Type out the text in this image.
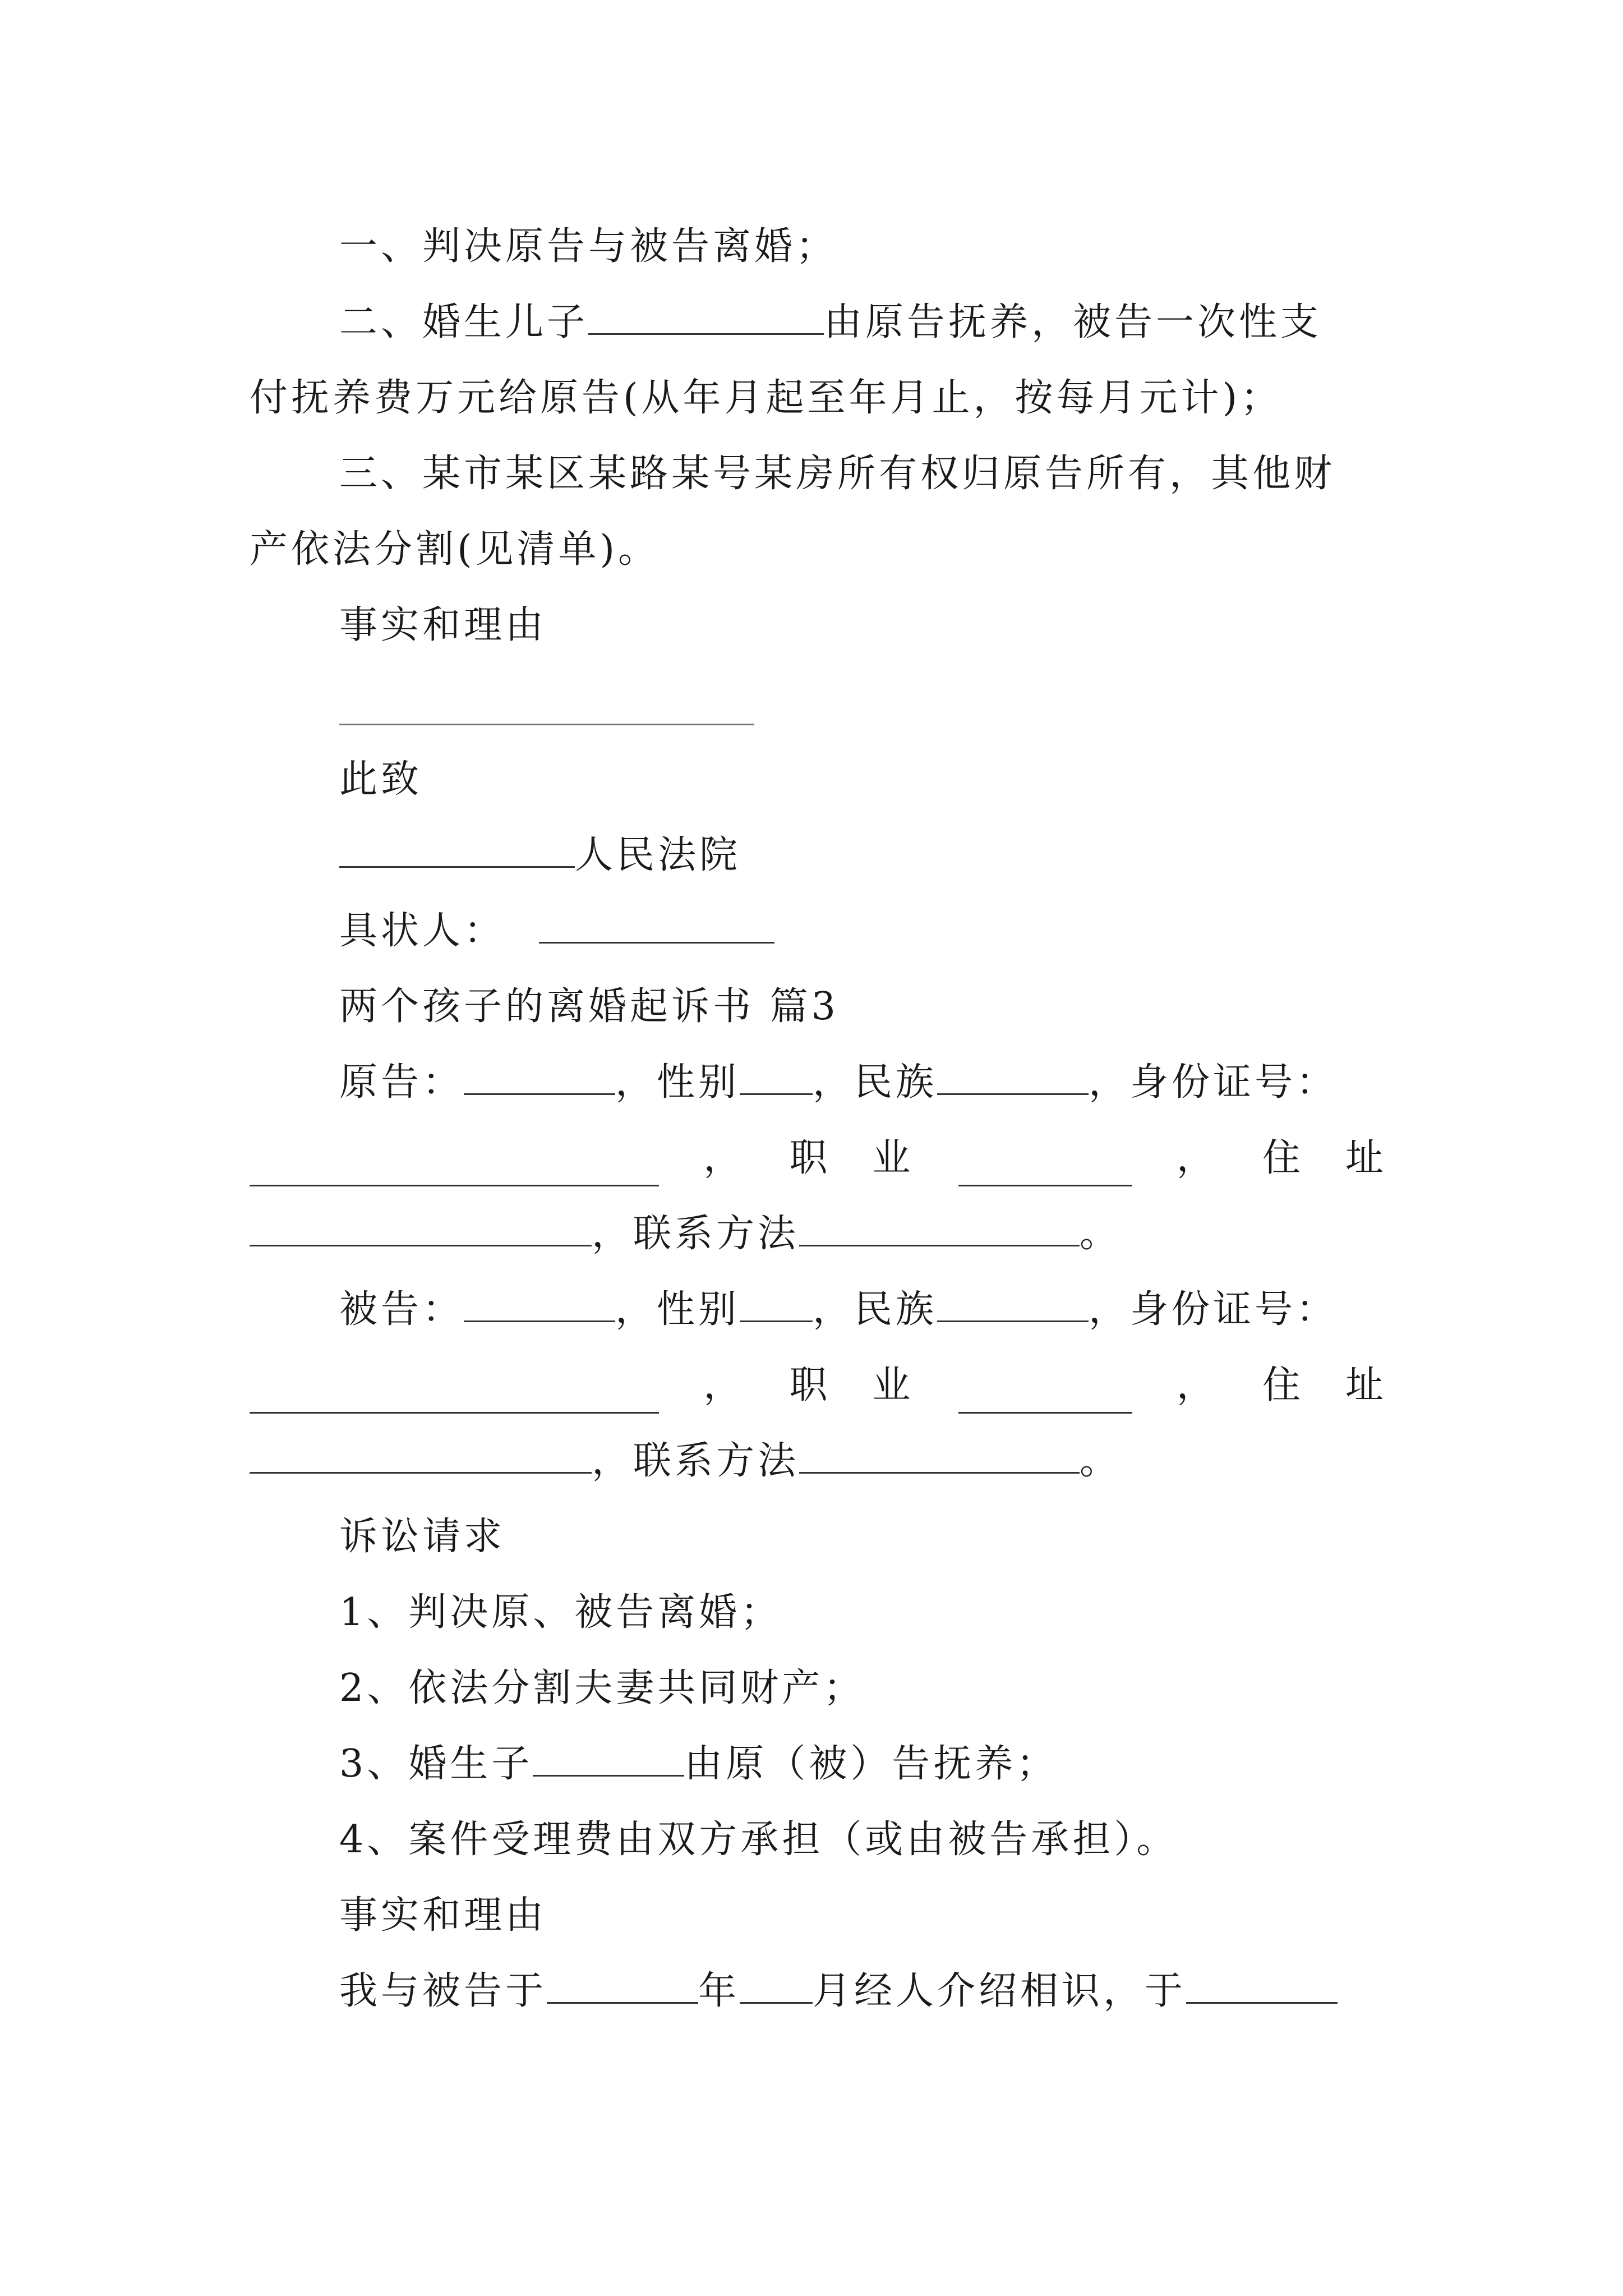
一、判决原告与被告离婚；
二、婚生儿子	由原告抚养，被告一次性支
付抚养费万元给原告(从年月起至年月止，按每月元计)；
三、某市某区某路某号某房所有权归原告所有，其他财
产依法分割(见清单)。
事实和理由
此致
人民法院
具状人：
两个孩子的离婚起诉书 篇3
原告：	，性别 ，民族	，身份证号：
， 职　业	， 住　址
，联系方法	。
被告：	，性别 ，民族	，身份证号：
， 职　业	， 住　址
，联系方法	。
诉讼请求
1、判决原、被告离婚；
2、依法分割夫妻共同财产；
3、婚生子	由原（被）告抚养；
4、案件受理费由双方承担（或由被告承担）。
事实和理由
我与被告于	年 月经人介绍相识，于
